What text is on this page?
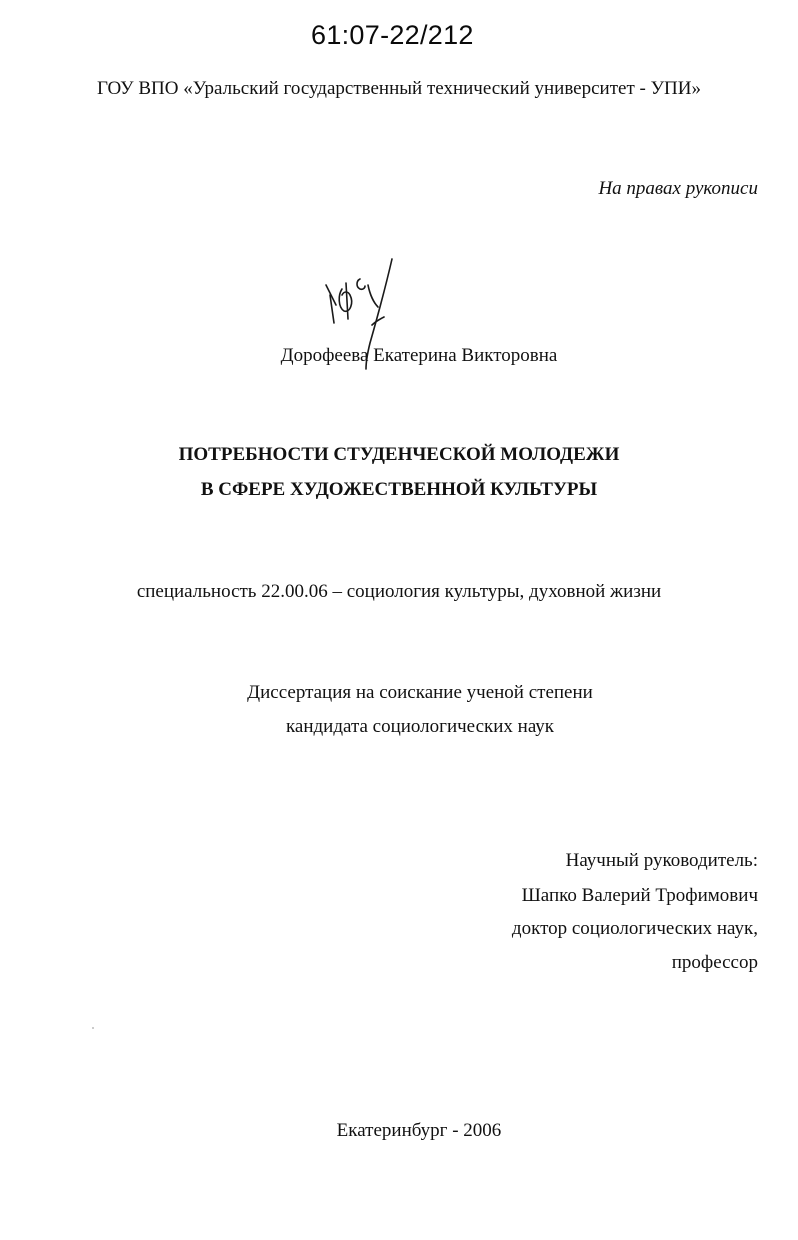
61:07-22/212
ГОУ ВПО «Уральский государственный технический университет - УПИ»
На правах рукописи
Дорофеева Екатерина Викторовна
ПОТРЕБНОСТИ СТУДЕНЧЕСКОЙ МОЛОДЕЖИ
В СФЕРЕ ХУДОЖЕСТВЕННОЙ КУЛЬТУРЫ
специальность 22.00.06 – социология культуры, духовной жизни
Диссертация на соискание ученой степени
кандидата социологических наук
Научный руководитель:
Шапко Валерий Трофимович
доктор социологических наук,
профессор
Екатеринбург - 2006
